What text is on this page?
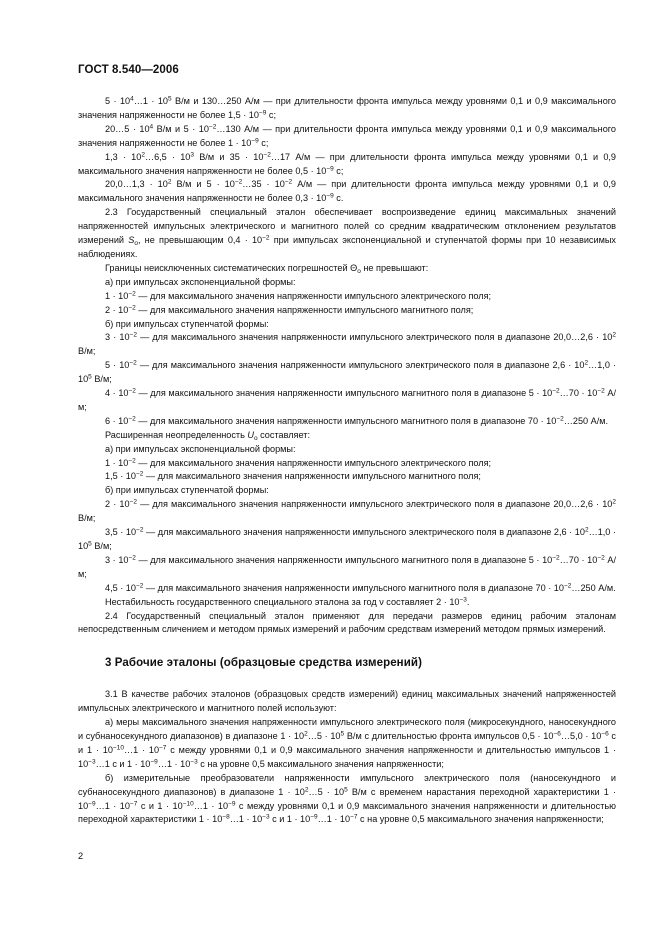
ГОСТ 8.540—2006

$5 \cdot 10^4\dots 1 \cdot 10^5$ В/м и 130…250 А/м — при длительности фронта импульса между уровнями 0,1 и 0,9 максимального значения напряженности не более $1,5 \cdot 10^{-9}$ с;

20…5 · $10^4$ В/м и $5 \cdot 10^{-2}\dots 130$ А/м — при длительности фронта импульса между уровнями 0,1 и 0,9 максимального значения напряженности не более $1 \cdot 10^{-9}$ с;

$1,3 \cdot 10^2\dots 6,5 \cdot 10^3$ В/м и $35 \cdot 10^{-2}\dots 17$ А/м — при длительности фронта импульса между уровнями 0,1 и 0,9 максимального значения напряженности не более $0,5 \cdot 10^{-9}$ с;

20,0…1,3 · $10^2$ В/м и $5 \cdot 10^{-2}\dots 35 \cdot 10^{-2}$ А/м — при длительности фронта импульса между уровнями 0,1 и 0,9 максимального значения напряженности не более $0,3 \cdot 10^{-9}$ с.

2.3 Государственный специальный эталон обеспечивает воспроизведение единиц максимальных значений напряженностей импульсных электрического и магнитного полей со средним квадратическим отклонением результатов измерений $S_о$, не превышающим $0,4 \cdot 10^{-2}$ при импульсах экспоненциальной и ступенчатой формы при 10 независимых наблюдениях.

Границы неисключенных систематических погрешностей $\Theta_о$ не превышают:

а) при импульсах экспоненциальной формы:

$1 \cdot 10^{-2}$ — для максимального значения напряженности импульсного электрического поля;

$2 \cdot 10^{-2}$ — для максимального значения напряженности импульсного магнитного поля;

б) при импульсах ступенчатой формы:

$3 \cdot 10^{-2}$ — для максимального значения напряженности импульсного электрического поля в диапазоне 20,0…2,6 · $10^2$ В/м;

$5 \cdot 10^{-2}$ — для максимального значения напряженности импульсного электрического поля в диапазоне $2,6 \cdot 10^2\dots 1,0 \cdot 10^5$ В/м;

$4 \cdot 10^{-2}$ — для максимального значения напряженности импульсного магнитного поля в диапазоне $5 \cdot 10^{-2}\dots 70 \cdot 10^{-2}$ А/м;

$6 \cdot 10^{-2}$ — для максимального значения напряженности импульсного магнитного поля в диапазоне $70 \cdot 10^{-2}\dots 250$ А/м.

Расширенная неопределенность $U_о$ составляет:

а) при импульсах экспоненциальной формы:

$1 \cdot 10^{-2}$ — для максимального значения напряженности импульсного электрического поля;

$1,5 \cdot 10^{-2}$ — для максимального значения напряженности импульсного магнитного поля;

б) при импульсах ступенчатой формы:

$2 \cdot 10^{-2}$ — для максимального значения напряженности импульсного электрического поля в диапазоне 20,0…2,6 · $10^2$ В/м;

$3,5 \cdot 10^{-2}$ — для максимального значения напряженности импульсного электрического поля в диапазоне $2,6 \cdot 10^2\dots 1,0 \cdot 10^5$ В/м;

$3 \cdot 10^{-2}$ — для максимального значения напряженности импульсного магнитного поля в диапазоне $5 \cdot 10^{-2}\dots 70 \cdot 10^{-2}$ А/м;

$4,5 \cdot 10^{-2}$ — для максимального значения напряженности импульсного магнитного поля в диапазоне $70 \cdot 10^{-2}\dots 250$ А/м.

Нестабильность государственного специального эталона за год ν составляет $2 \cdot 10^{-3}$.

2.4 Государственный специальный эталон применяют для передачи размеров единиц рабочим эталонам непосредственным сличением и методом прямых измерений и рабочим средствам измерений методом прямых измерений.

3 Рабочие эталоны (образцовые средства измерений)

3.1 В качестве рабочих эталонов (образцовых средств измерений) единиц максимальных значений напряженностей импульсных электрического и магнитного полей используют:

а) меры максимального значения напряженности импульсного электрического поля (микросекундного, наносекундного и субнаносекундного диапазонов) в диапазоне $1 \cdot 10^2\dots 5 \cdot 10^5$ В/м с длительностью фронта импульсов $0,5 \cdot 10^{-6}\dots 5,0 \cdot 10^{-6}$ с и $1 \cdot 10^{-10}\dots 1 \cdot 10^{-7}$ с между уровнями 0,1 и 0,9 максимального значения напряженности и длительностью импульсов $1 \cdot 10^{-3}\dots 1$ с и $1 \cdot 10^{-9}\dots 1 \cdot 10^{-3}$ с на уровне 0,5 максимального значения напряженности;

б) измерительные преобразователи напряженности импульсного электрического поля (наносекундного и субнаносекундного диапазонов) в диапазоне $1 \cdot 10^2\dots 5 \cdot 10^5$ В/м с временем нарастания переходной характеристики $1 \cdot 10^{-9}\dots 1 \cdot 10^{-7}$ с и $1 \cdot 10^{-10}\dots 1 \cdot 10^{-9}$ с между уровнями 0,1 и 0,9 максимального значения напряженности и длительностью переходной характеристики $1 \cdot 10^{-8}\dots 1 \cdot 10^{-3}$ с и $1 \cdot 10^{-9}\dots 1 \cdot 10^{-7}$ с на уровне 0,5 максимального значения напряженности;

2
